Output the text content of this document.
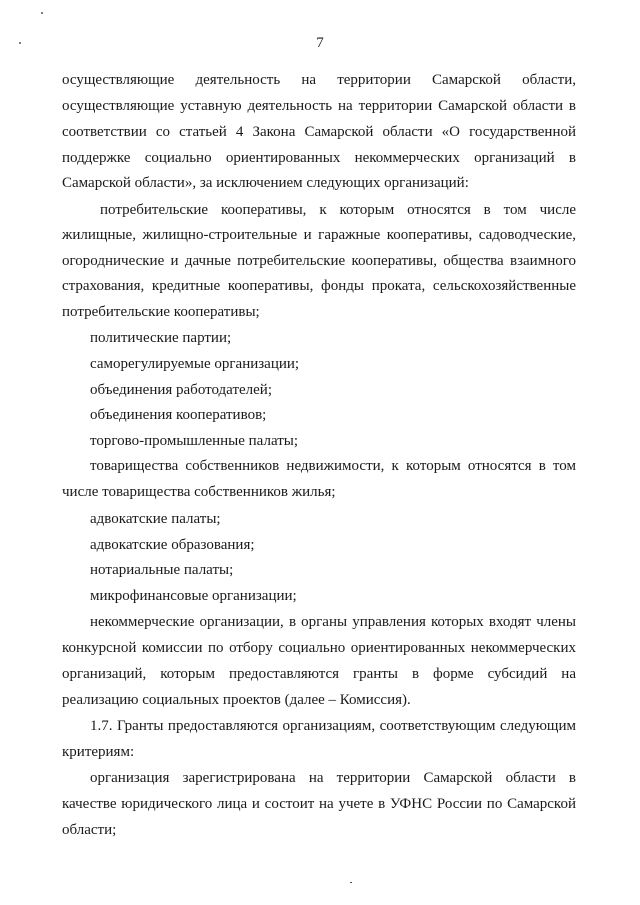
7
осуществляющие деятельность на территории Самарской области,
осуществляющие уставную деятельность на территории Самарской области в
соответствии со статьей 4 Закона Самарской области «О государственной
поддержке социально ориентированных некоммерческих организаций в
Самарской области», за исключением следующих организаций:
потребительские кооперативы, к которым относятся в том числе
жилищные, жилищно-строительные и гаражные кооперативы, садоводческие,
огороднические и дачные потребительские кооперативы, общества взаимного
страхования, кредитные кооперативы, фонды проката, сельскохозяйственные
потребительские кооперативы;
политические партии;
саморегулируемые организации;
объединения работодателей;
объединения кооперативов;
торгово-промышленные палаты;
товарищества собственников недвижимости, к которым относятся в том
числе товарищества собственников жилья;
адвокатские палаты;
адвокатские образования;
нотариальные палаты;
микрофинансовые организации;
некоммерческие организации, в органы управления которых входят члены
конкурсной комиссии по отбору социально ориентированных некоммерческих
организаций, которым предоставляются гранты в форме субсидий на
реализацию социальных проектов (далее – Комиссия).
1.7. Гранты предоставляются организациям, соответствующим следующим
критериям:
организация зарегистрирована на территории Самарской области в
качестве юридического лица и состоит на учете в УФНС России по Самарской
области;
